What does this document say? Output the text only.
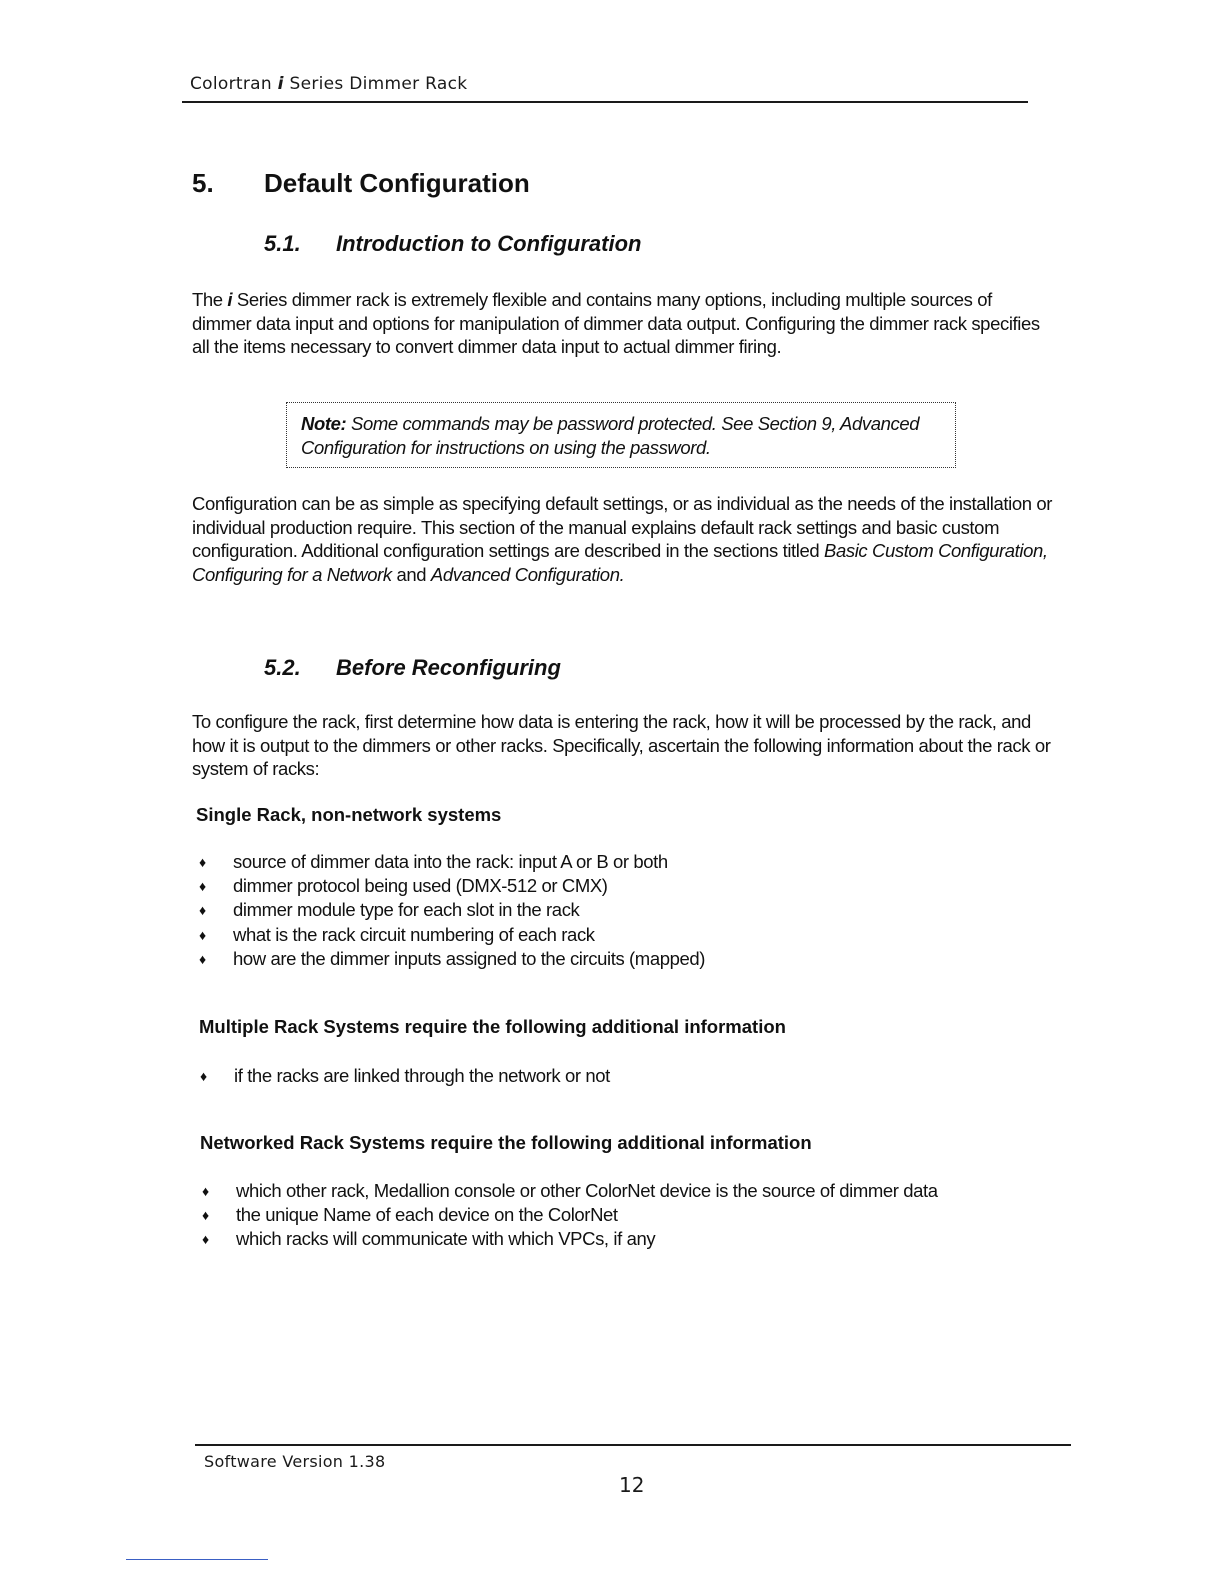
Colortran i Series Dimmer Rack
5. Default Configuration
5.1. Introduction to Configuration
The i Series dimmer rack is extremely flexible and contains many options, including multiple sources of dimmer data input and options for manipulation of dimmer data output. Configuring the dimmer rack specifies all the items necessary to convert dimmer data input to actual dimmer firing.
Note: Some commands may be password protected. See Section 9, Advanced Configuration for instructions on using the password.
Configuration can be as simple as specifying default settings, or as individual as the needs of the installation or individual production require. This section of the manual explains default rack settings and basic custom configuration. Additional configuration settings are described in the sections titled Basic Custom Configuration, Configuring for a Network and Advanced Configuration.
5.2. Before Reconfiguring
To configure the rack, first determine how data is entering the rack, how it will be processed by the rack, and how it is output to the dimmers or other racks. Specifically, ascertain the following information about the rack or system of racks:
Single Rack, non-network systems
♦ source of dimmer data into the rack: input A or B or both
♦ dimmer protocol being used (DMX-512 or CMX)
♦ dimmer module type for each slot in the rack
♦ what is the rack circuit numbering of each rack
♦ how are the dimmer inputs assigned to the circuits (mapped)
Multiple Rack Systems require the following additional information
♦ if the racks are linked through the network or not
Networked Rack Systems require the following additional information
♦ which other rack, Medallion console or other ColorNet device is the source of dimmer data
♦ the unique Name of each device on the ColorNet
♦ which racks will communicate with which VPCs, if any
Software Version 1.38
12
